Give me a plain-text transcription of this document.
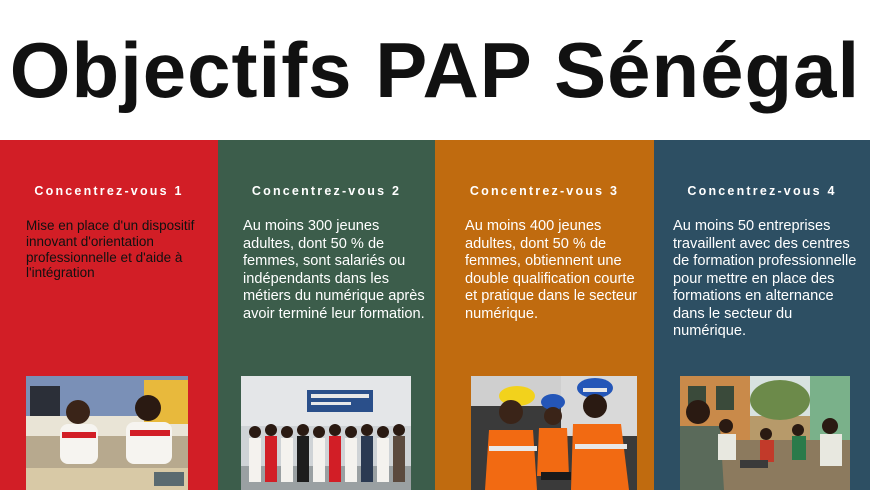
Objectifs PAP Sénégal
Concentrez-vous 1
Mise en place d'un dispositif innovant d'orientation professionnelle et d'aide à l'intégration
Concentrez-vous 2
Au moins 300 jeunes adultes, dont 50 % de femmes, sont salariés ou indépendants dans les métiers du numérique après avoir terminé leur formation.
Concentrez-vous 3
Au moins 400 jeunes adultes, dont 50 % de femmes, obtiennent une double qualification courte et pratique dans le secteur numérique.
Concentrez-vous 4
Au moins 50 entreprises travaillent avec des centres de formation professionnelle pour mettre en place des formations en alternance dans le secteur du numérique.
